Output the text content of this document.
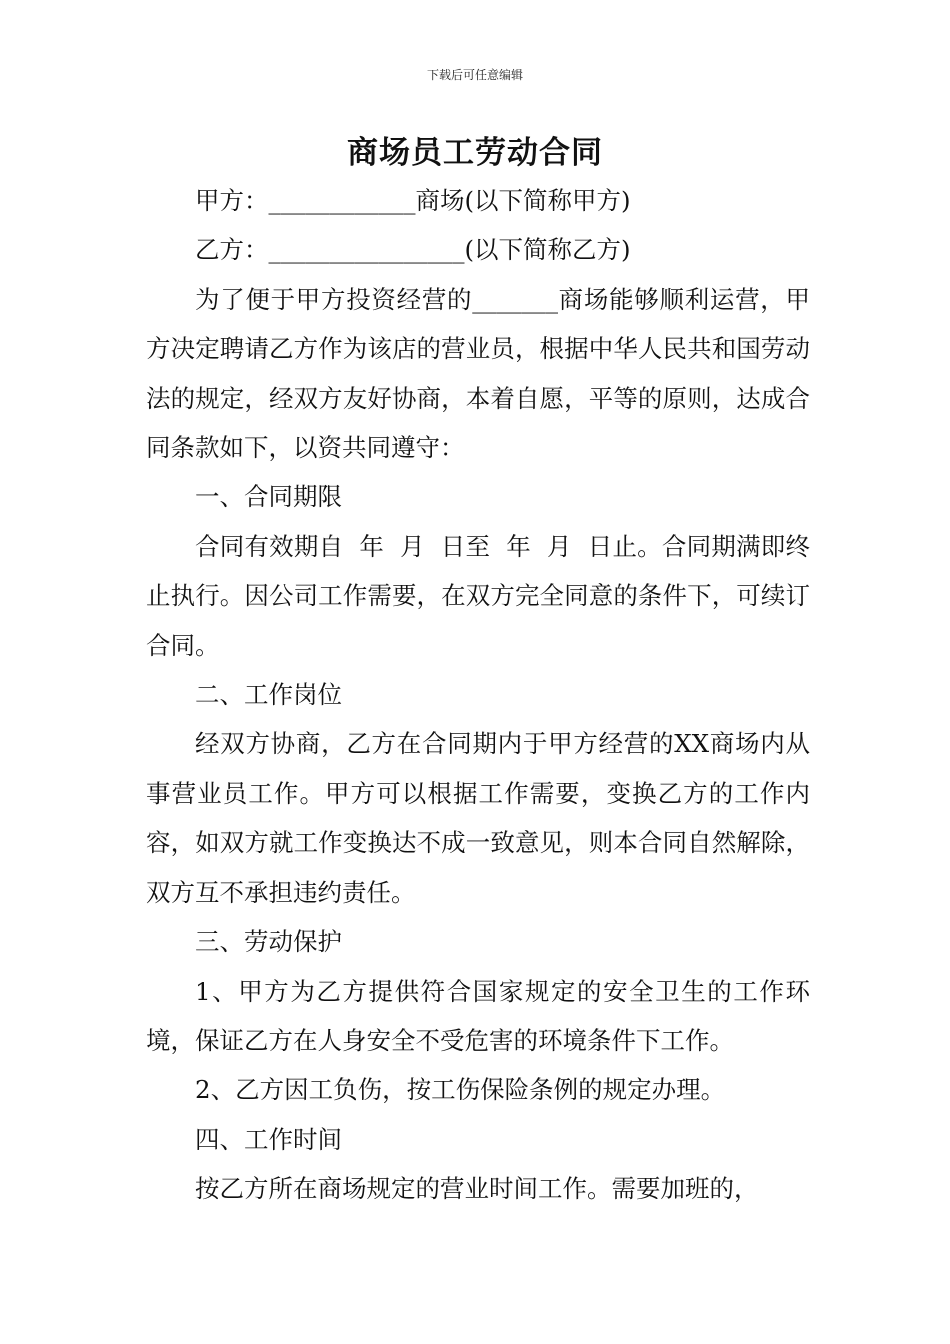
下载后可任意编辑
商场员工劳动合同

甲方：____________商场(以下简称甲方)

乙方：________________(以下简称乙方)

为了便于甲方投资经营的_______商场能够顺利运营，甲方决定聘请乙方作为该店的营业员，根据中华人民共和国劳动法的规定，经双方友好协商，本着自愿，平等的原则，达成合同条款如下，以资共同遵守：

一、合同期限

合同有效期自  年  月  日至  年  月  日止。合同期满即终止执行。因公司工作需要，在双方完全同意的条件下，可续订合同。

二、工作岗位

经双方协商，乙方在合同期内于甲方经营的XX商场内从事营业员工作。甲方可以根据工作需要，变换乙方的工作内容，如双方就工作变换达不成一致意见，则本合同自然解除，双方互不承担违约责任。

三、劳动保护

1、甲方为乙方提供符合国家规定的安全卫生的工作环境，保证乙方在人身安全不受危害的环境条件下工作。

2、乙方因工负伤，按工伤保险条例的规定办理。

四、工作时间

按乙方所在商场规定的营业时间工作。需要加班的，
